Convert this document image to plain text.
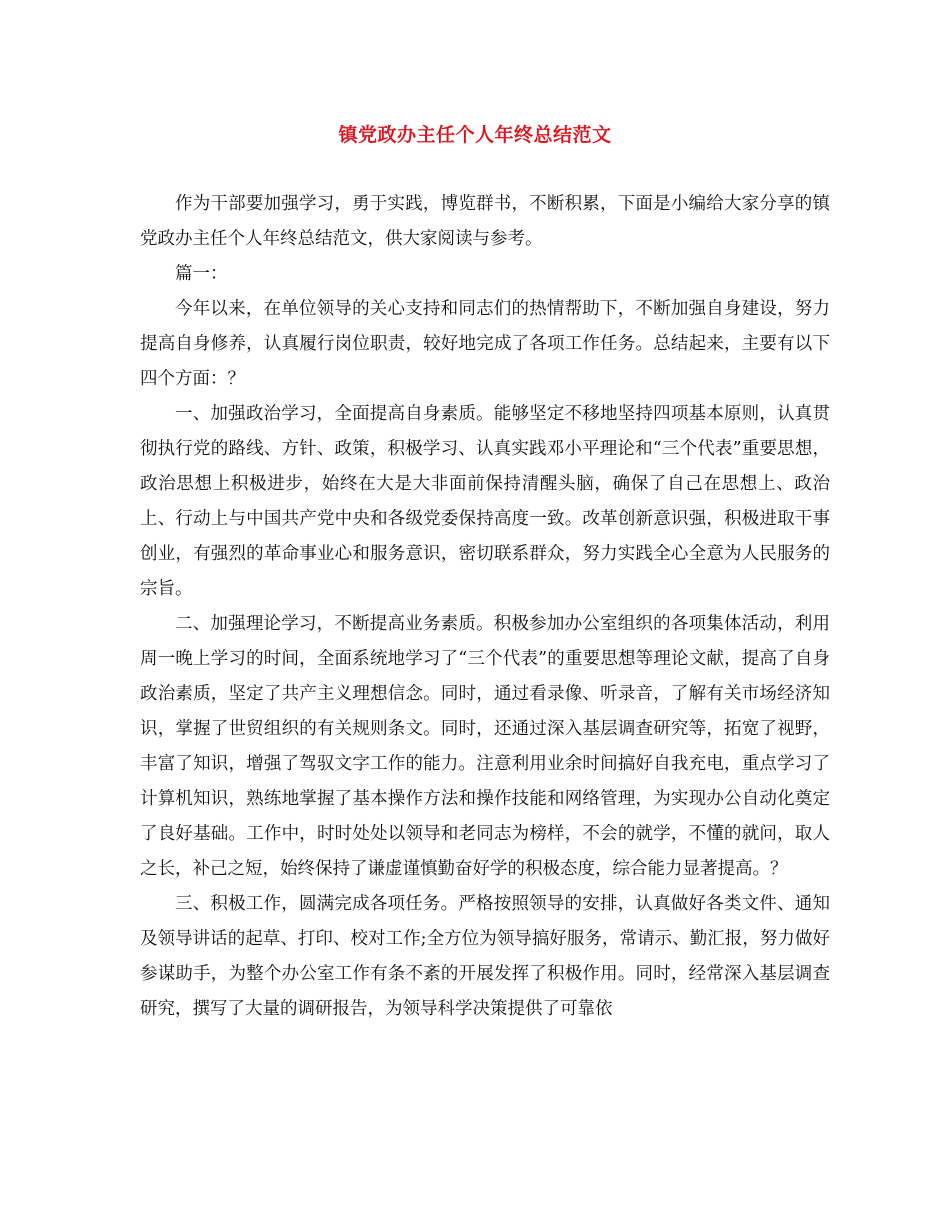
镇党政办主任个人年终总结范文

作为干部要加强学习，勇于实践，博览群书，不断积累，下面是小编给大家分享的镇党政办主任个人年终总结范文，供大家阅读与参考。

篇一：

今年以来，在单位领导的关心支持和同志们的热情帮助下，不断加强自身建设，努力提高自身修养，认真履行岗位职责，较好地完成了各项工作任务。总结起来，主要有以下四个方面：？

一、加强政治学习，全面提高自身素质。能够坚定不移地坚持四项基本原则，认真贯彻执行党的路线、方针、政策，积极学习、认真实践邓小平理论和“三个代表”重要思想，政治思想上积极进步，始终在大是大非面前保持清醒头脑，确保了自己在思想上、政治上、行动上与中国共产党中央和各级党委保持高度一致。改革创新意识强，积极进取干事创业，有强烈的革命事业心和服务意识，密切联系群众，努力实践全心全意为人民服务的宗旨。

二、加强理论学习，不断提高业务素质。积极参加办公室组织的各项集体活动，利用周一晚上学习的时间，全面系统地学习了“三个代表”的重要思想等理论文献，提高了自身政治素质，坚定了共产主义理想信念。同时，通过看录像、听录音，了解有关市场经济知识，掌握了世贸组织的有关规则条文。同时，还通过深入基层调查研究等，拓宽了视野，丰富了知识，增强了驾驭文字工作的能力。注意利用业余时间搞好自我充电，重点学习了计算机知识，熟练地掌握了基本操作方法和操作技能和网络管理，为实现办公自动化奠定了良好基础。工作中，时时处处以领导和老同志为榜样，不会的就学，不懂的就问，取人之长，补己之短，始终保持了谦虚谨慎勤奋好学的积极态度，综合能力显著提高。？

三、积极工作，圆满完成各项任务。严格按照领导的安排，认真做好各类文件、通知及领导讲话的起草、打印、校对工作;全方位为领导搞好服务，常请示、勤汇报，努力做好参谋助手，为整个办公室工作有条不紊的开展发挥了积极作用。同时，经常深入基层调查研究，撰写了大量的调研报告，为领导科学决策提供了可靠依
